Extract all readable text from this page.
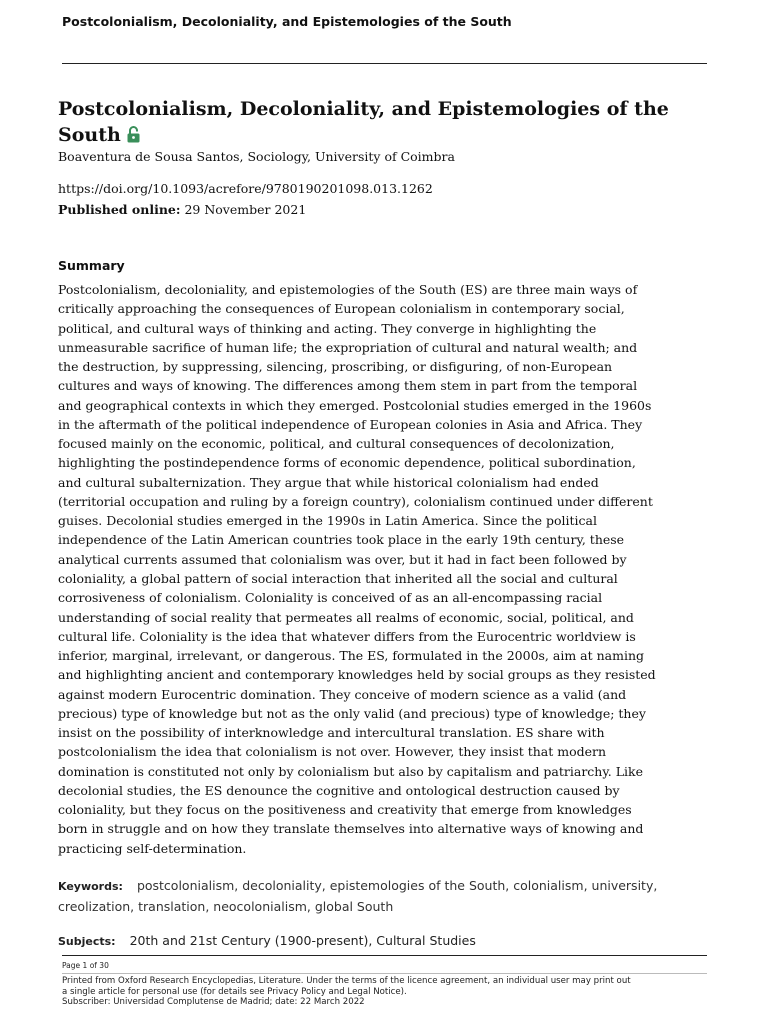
Postcolonialism, Decoloniality, and Epistemologies of the South
Postcolonialism, Decoloniality, and Epistemologies of the
South
Boaventura de Sousa Santos, Sociology, University of Coimbra
https://doi.org/10.1093/acrefore/9780190201098.013.1262
Published online: 29 November 2021
Summary
Postcolonialism, decoloniality, and epistemologies of the South (ES) are three main ways of
critically approaching the consequences of European colonialism in contemporary social,
political, and cultural ways of thinking and acting. They converge in highlighting the
unmeasurable sacrifice of human life; the expropriation of cultural and natural wealth; and
the destruction, by suppressing, silencing, proscribing, or disfiguring, of non-European
cultures and ways of knowing. The differences among them stem in part from the temporal
and geographical contexts in which they emerged. Postcolonial studies emerged in the 1960s
in the aftermath of the political independence of European colonies in Asia and Africa. They
focused mainly on the economic, political, and cultural consequences of decolonization,
highlighting the postindependence forms of economic dependence, political subordination,
and cultural subalternization. They argue that while historical colonialism had ended
(territorial occupation and ruling by a foreign country), colonialism continued under different
guises. Decolonial studies emerged in the 1990s in Latin America. Since the political
independence of the Latin American countries took place in the early 19th century, these
analytical currents assumed that colonialism was over, but it had in fact been followed by
coloniality, a global pattern of social interaction that inherited all the social and cultural
corrosiveness of colonialism. Coloniality is conceived of as an all-encompassing racial
understanding of social reality that permeates all realms of economic, social, political, and
cultural life. Coloniality is the idea that whatever differs from the Eurocentric worldview is
inferior, marginal, irrelevant, or dangerous. The ES, formulated in the 2000s, aim at naming
and highlighting ancient and contemporary knowledges held by social groups as they resisted
against modern Eurocentric domination. They conceive of modern science as a valid (and
precious) type of knowledge but not as the only valid (and precious) type of knowledge; they
insist on the possibility of interknowledge and intercultural translation. ES share with
postcolonialism the idea that colonialism is not over. However, they insist that modern
domination is constituted not only by colonialism but also by capitalism and patriarchy. Like
decolonial studies, the ES denounce the cognitive and ontological destruction caused by
coloniality, but they focus on the positiveness and creativity that emerge from knowledges
born in struggle and on how they translate themselves into alternative ways of knowing and
practicing self-determination.
Keywords: postcolonialism, decoloniality, epistemologies of the South, colonialism, university,
creolization, translation, neocolonialism, global South
Subjects: 20th and 21st Century (1900-present), Cultural Studies
Page 1 of 30
Printed from Oxford Research Encyclopedias, Literature. Under the terms of the licence agreement, an individual user may print out
a single article for personal use (for details see Privacy Policy and Legal Notice).
Subscriber: Universidad Complutense de Madrid; date: 22 March 2022
